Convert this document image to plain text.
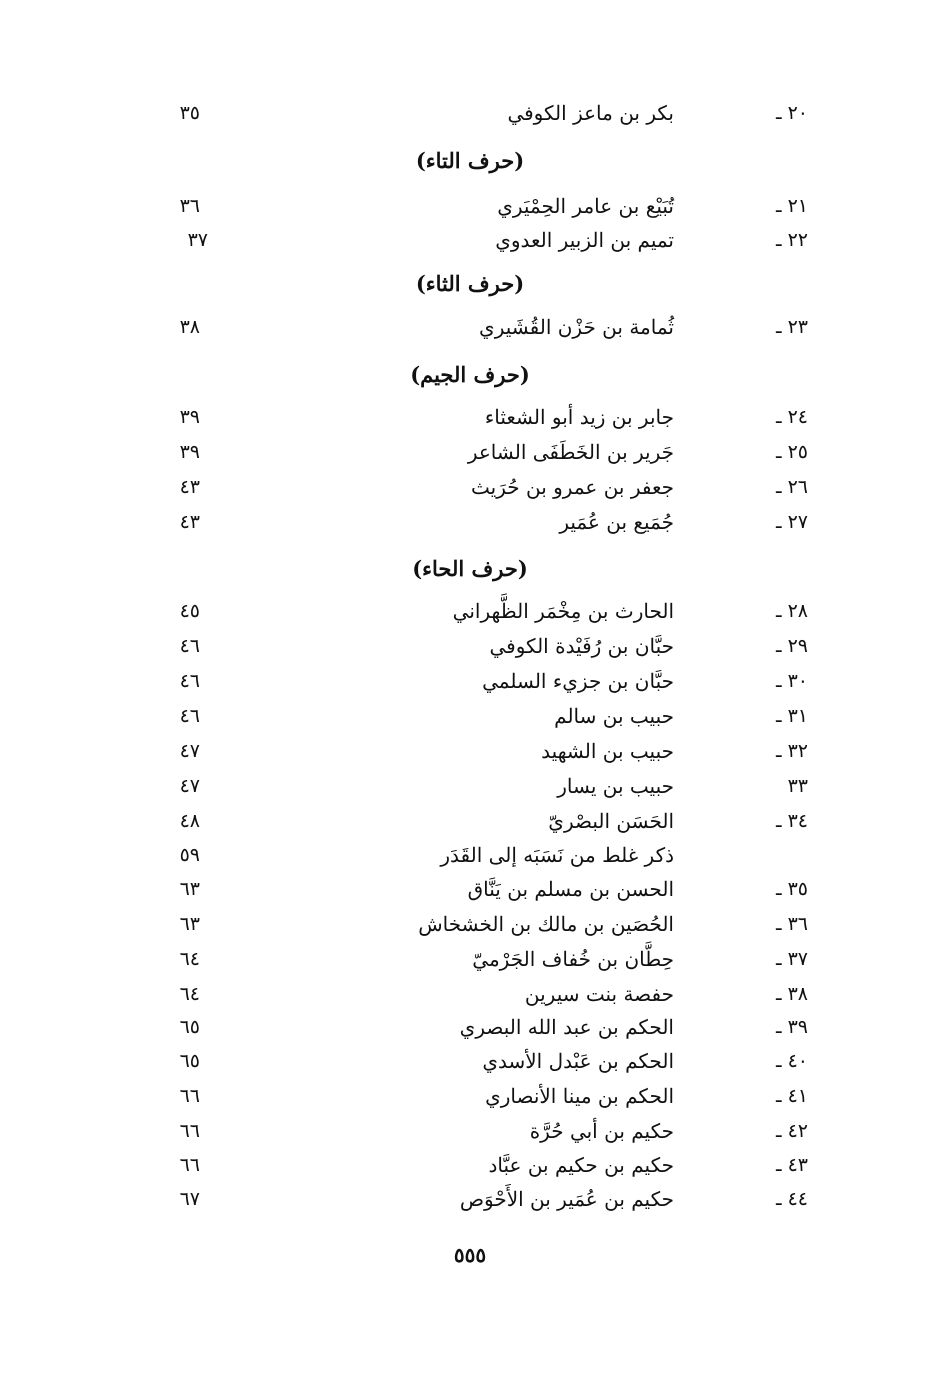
٢٠ ـ
بكر بن ماعز الكوفي
٣٥
(حرف التاء)
٢١ ـ
تُبَيْع بن عامر الحِمْيَري
٣٦
٢٢ ـ
تميم بن الزبير العدوي
٣٧
(حرف الثاء)
٢٣ ـ
ثُمامة بن حَزْن القُشَيري
٣٨
(حرف الجيم)
٢٤ ـ
جابر بن زيد أبو الشعثاء
٣٩
٢٥ ـ
جَرير بن الخَطَفَى الشاعر
٣٩
٢٦ ـ
جعفر بن عمرو بن حُرَيث
٤٣
٢٧ ـ
جُمَيع بن عُمَير
٤٣
(حرف الحاء)
٢٨ ـ
الحارث بن مِخْمَر الظَّهراني
٤٥
٢٩ ـ
حبَّان بن رُفَيْدة الكوفي
٤٦
٣٠ ـ
حبَّان بن جزيء السلمي
٤٦
٣١ ـ
حبيب بن سالم
٤٦
٣٢ ـ
حبيب بن الشهيد
٤٧
٣٣
حبيب بن يسار
٤٧
٣٤ ـ
الحَسَن البصْريّ
٤٨
ذكر غلط من نَسَبَه إلى القَدَر
٥٩
٣٥ ـ
الحسن بن مسلم بن يَنَّاق
٦٣
٣٦ ـ
الحُصَين بن مالك بن الخشخاش
٦٣
٣٧ ـ
حِطَّان بن خُفاف الجَرْميّ
٦٤
٣٨ ـ
حفصة بنت سيرين
٦٤
٣٩ ـ
الحكم بن عبد الله البصري
٦٥
٤٠ ـ
الحكم بن عَبْدل الأسدي
٦٥
٤١ ـ
الحكم بن مينا الأنصاري
٦٦
٤٢ ـ
حكيم بن أبي حُرَّة
٦٦
٤٣ ـ
حكيم بن حكيم بن عبَّاد
٦٦
٤٤ ـ
حكيم بن عُمَير بن الأَحْوَص
٦٧
٥٥٥
